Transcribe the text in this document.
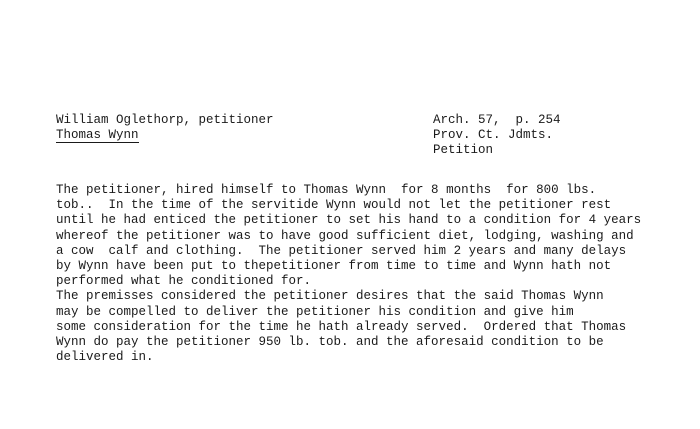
William Oglethorp, petitioner
Thomas Wynn
Arch. 57,  p. 254
Prov. Ct. Jdmts.
Petition
The petitioner, hired himself to Thomas Wynn  for 8 months  for 800 lbs.
tob..  In the time of the servitide Wynn would not let the petitioner rest
until he had enticed the petitioner to set his hand to a condition for 4 years
whereof the petitioner was to have good sufficient diet, lodging, washing and
a cow  calf and clothing.  The petitioner served him 2 years and many delays
by Wynn have been put to thepetitioner from time to time and Wynn hath not
performed what he conditioned for.
The premisses considered the petitioner desires that the said Thomas Wynn
may be compelled to deliver the petitioner his condition and give him
some consideration for the time he hath already served.  Ordered that Thomas
Wynn do pay the petitioner 950 lb. tob. and the aforesaid condition to be
delivered in.
